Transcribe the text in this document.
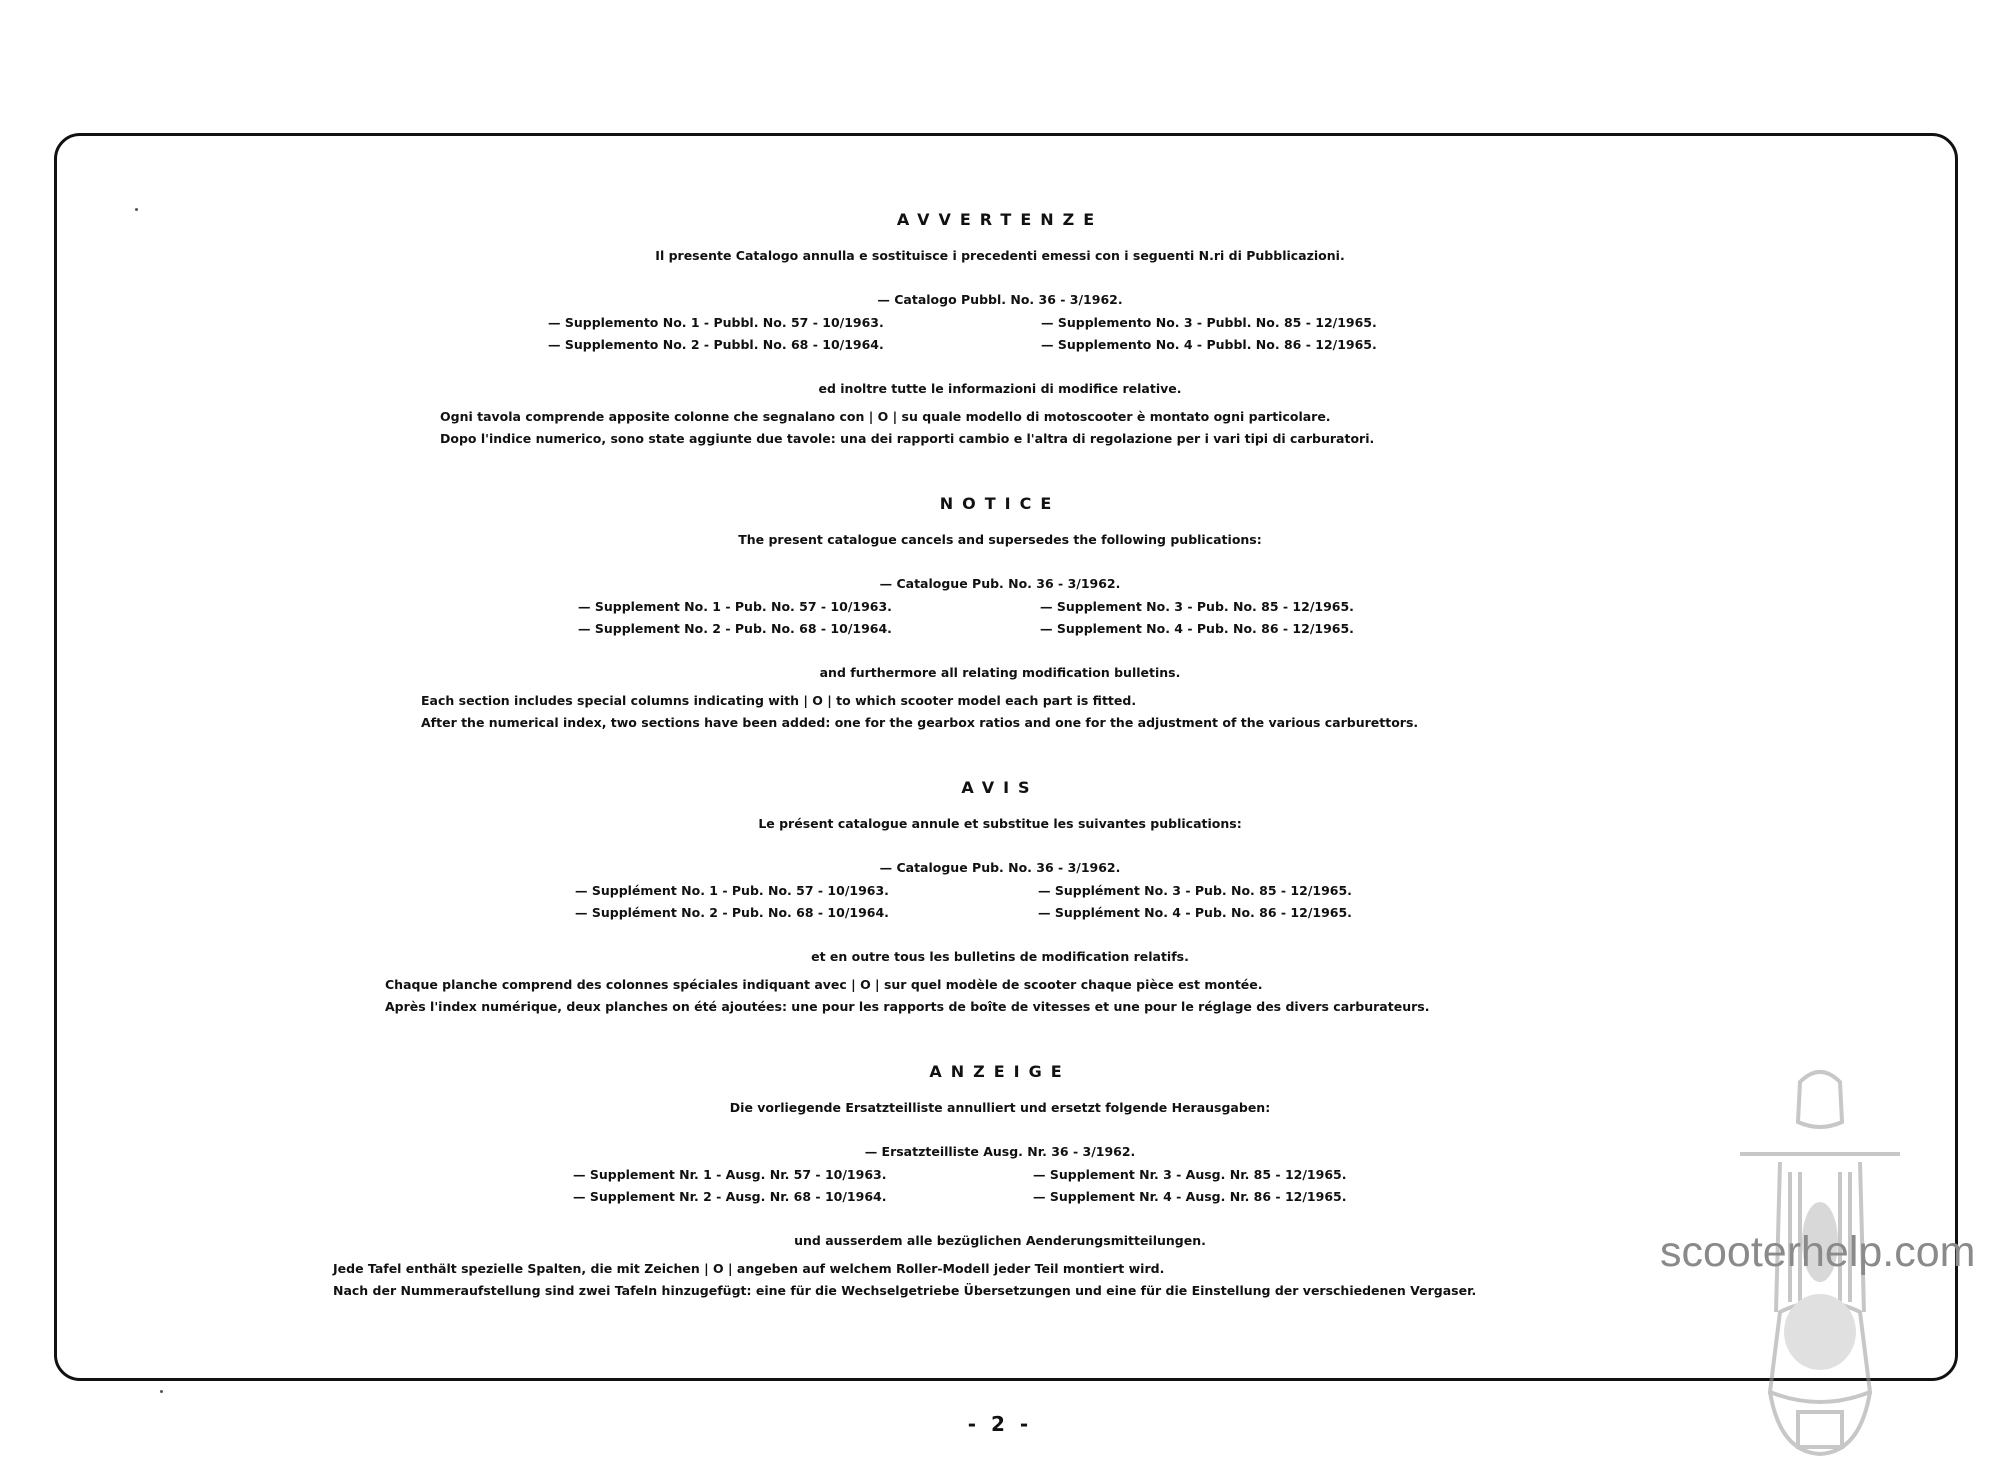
AVVERTENZE
Il presente Catalogo annulla e sostituisce i precedenti emessi con i seguenti N.ri di Pubblicazioni.
— Catalogo Pubbl. No. 36 - 3/1962.
— Supplemento No. 1 - Pubbl. No. 57 - 10/1963.
— Supplemento No. 2 - Pubbl. No. 68 - 10/1964.
— Supplemento No. 3 - Pubbl. No. 85 - 12/1965.
— Supplemento No. 4 - Pubbl. No. 86 - 12/1965.
ed inoltre tutte le informazioni di modifice relative.
Ogni tavola comprende apposite colonne che segnalano con | O | su quale modello di motoscooter è montato ogni particolare.
Dopo l'indice numerico, sono state aggiunte due tavole: una dei rapporti cambio e l'altra di regolazione per i vari tipi di carburatori.
NOTICE
The present catalogue cancels and supersedes the following publications:
— Catalogue Pub. No. 36 - 3/1962.
— Supplement No. 1 - Pub. No. 57 - 10/1963.
— Supplement No. 2 - Pub. No. 68 - 10/1964.
— Supplement No. 3 - Pub. No. 85 - 12/1965.
— Supplement No. 4 - Pub. No. 86 - 12/1965.
and furthermore all relating modification bulletins.
Each section includes special columns indicating with | O | to which scooter model each part is fitted.
After the numerical index, two sections have been added: one for the gearbox ratios and one for the adjustment of the various carburettors.
AVIS
Le présent catalogue annule et substitue les suivantes publications:
— Catalogue Pub. No. 36 - 3/1962.
— Supplément No. 1 - Pub. No. 57 - 10/1963.
— Supplément No. 2 - Pub. No. 68 - 10/1964.
— Supplément No. 3 - Pub. No. 85 - 12/1965.
— Supplément No. 4 - Pub. No. 86 - 12/1965.
et en outre tous les bulletins de modification relatifs.
Chaque planche comprend des colonnes spéciales indiquant avec | O | sur quel modèle de scooter chaque pièce est montée.
Après l'index numérique, deux planches on été ajoutées: une pour les rapports de boîte de vitesses et une pour le réglage des divers carburateurs.
ANZEIGE
Die vorliegende Ersatzteilliste annulliert und ersetzt folgende Herausgaben:
— Ersatzteilliste Ausg. Nr. 36 - 3/1962.
— Supplement Nr. 1 - Ausg. Nr. 57 - 10/1963.
— Supplement Nr. 2 - Ausg. Nr. 68 - 10/1964.
— Supplement Nr. 3 - Ausg. Nr. 85 - 12/1965.
— Supplement Nr. 4 - Ausg. Nr. 86 - 12/1965.
und ausserdem alle bezüglichen Aenderungsmitteilungen.
Jede Tafel enthält spezielle Spalten, die mit Zeichen | O | angeben auf welchem Roller-Modell jeder Teil montiert wird.
Nach der Nummeraufstellung sind zwei Tafeln hinzugefügt: eine für die Wechselgetriebe Übersetzungen und eine für die Einstellung der verschiedenen Vergaser.
- 2 -
scooterhelp.com
